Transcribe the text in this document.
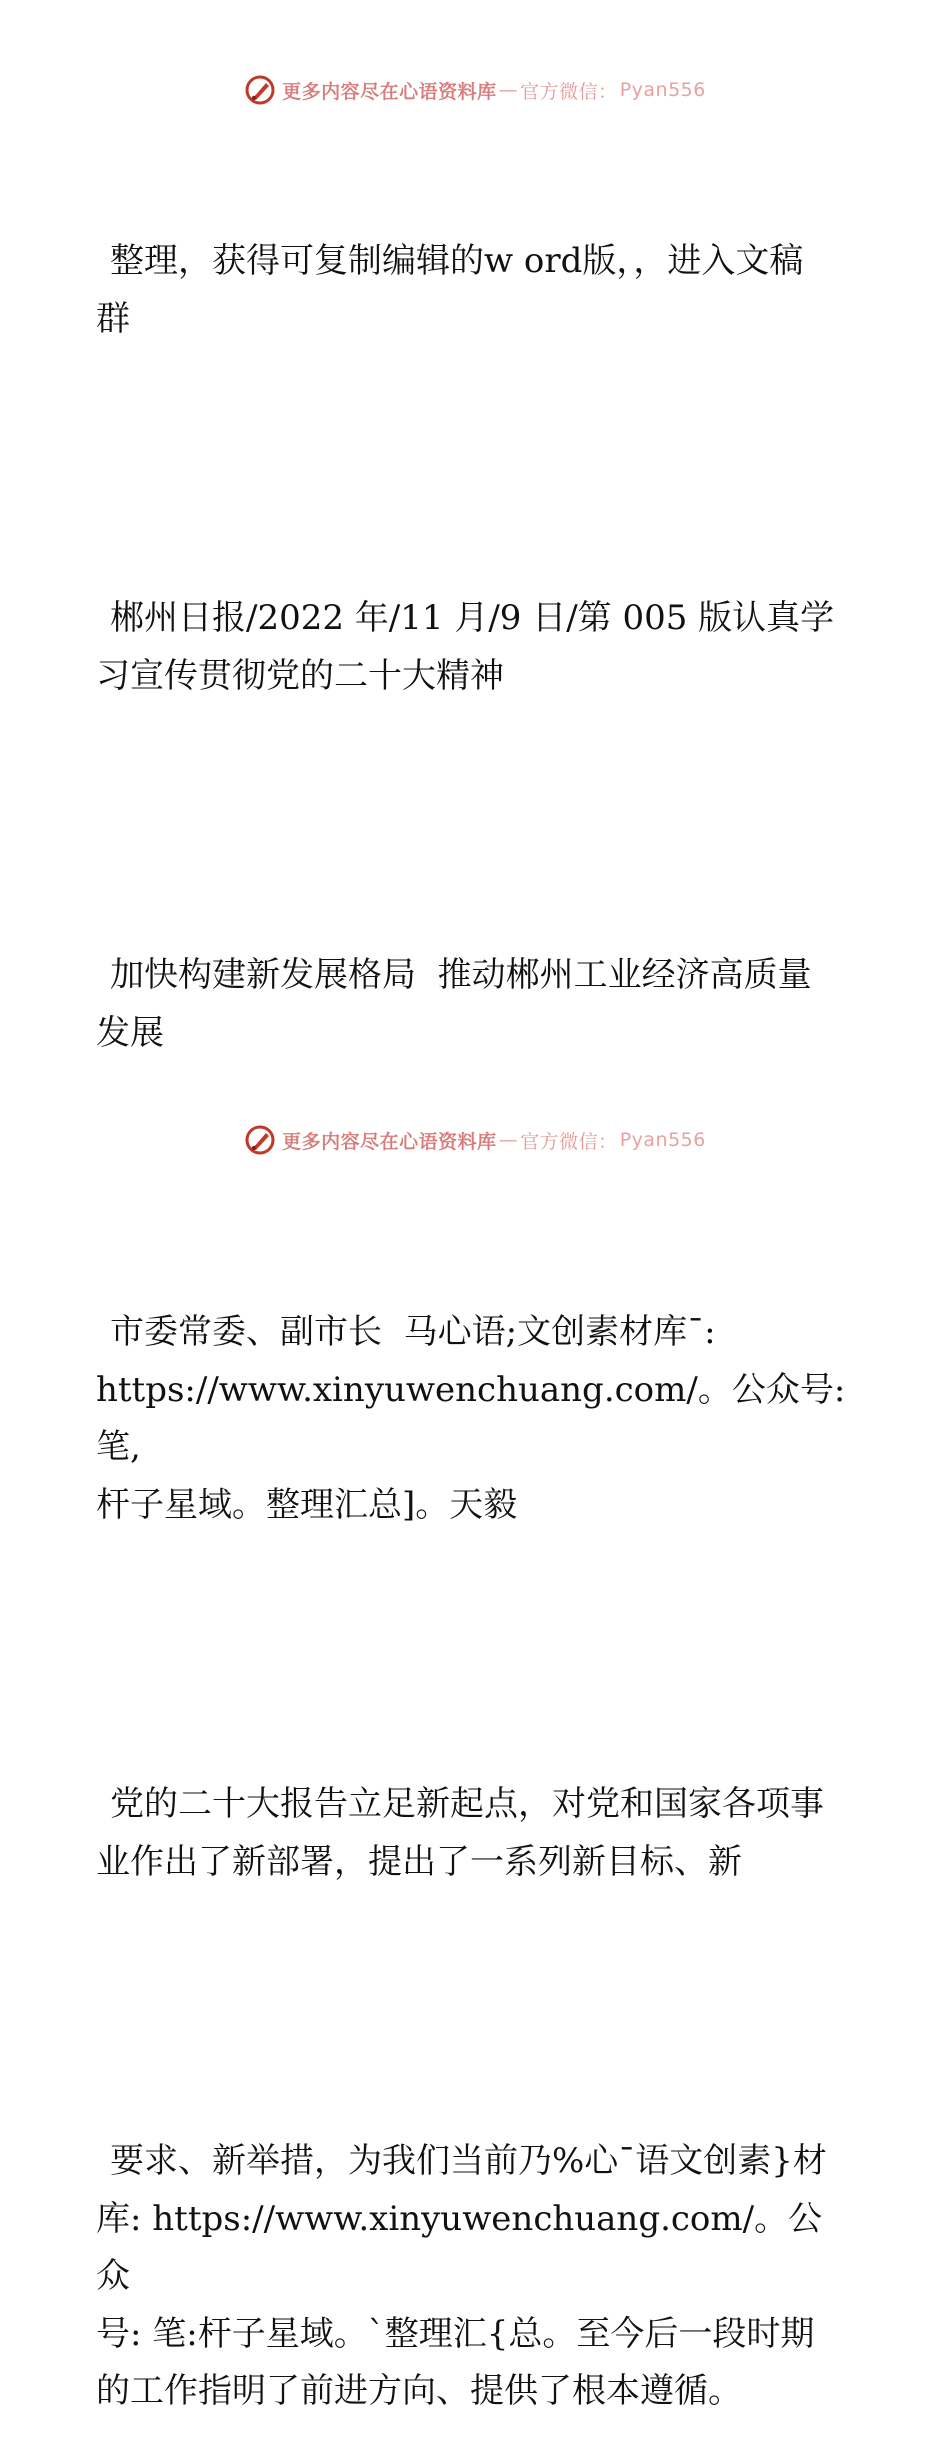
更多内容尽在心语资料库 — 官方微信： Pyan556

整理，获得可复制编辑的w ord版，，进入文稿
群

郴州日报/2022 年/11 月/9 日/第 005 版认真学
习宣传贯彻党的二十大精神

加快构建新发展格局  推动郴州工业经济高质量
发展

市委常委、副市长  马心语;文创素材库¯:
https://www.xinyuwenchuang.com/。公众号: 笔,
杆子星域。整理汇总]。天毅

党的二十大报告立足新起点，对党和国家各项事
业作出了新部署，提出了一系列新目标、新

要求、新举措，为我们当前乃%心¯语文创素}材
库: https://www.xinyuwenchuang.com/。公众
号: 笔:杆子星域。`整理汇{总。至今后一段时期
的工作指明了前进方向、提供了根本遵循。

更多内容尽在心语资料库 — 官方微信： Pyan556
